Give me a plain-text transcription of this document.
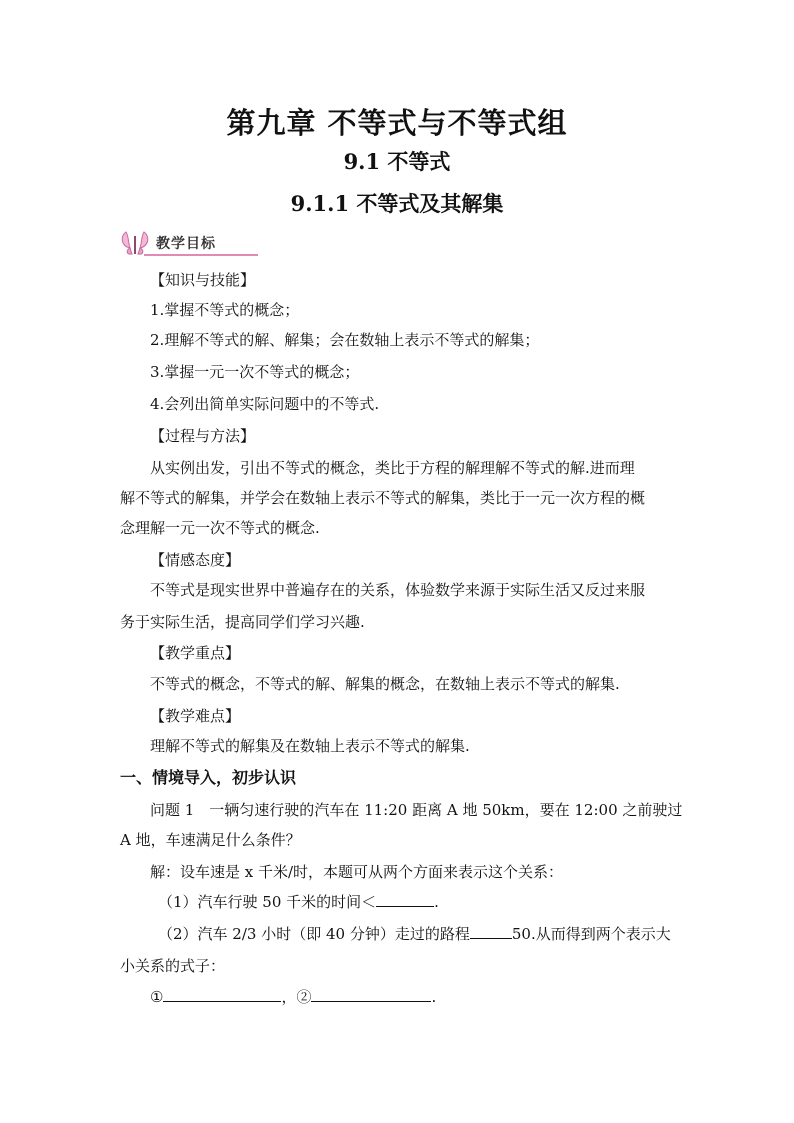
第九章 不等式与不等式组
9.1 不等式
9.1.1 不等式及其解集
教学目标
【知识与技能】
1.掌握不等式的概念；
2.理解不等式的解、解集；会在数轴上表示不等式的解集；
3.掌握一元一次不等式的概念；
4.会列出简单实际问题中的不等式.
【过程与方法】
从实例出发，引出不等式的概念，类比于方程的解理解不等式的解.进而理
解不等式的解集，并学会在数轴上表示不等式的解集，类比于一元一次方程的概
念理解一元一次不等式的概念.
【情感态度】
不等式是现实世界中普遍存在的关系，体验数学来源于实际生活又反过来服
务于实际生活，提高同学们学习兴趣.
【教学重点】
不等式的概念，不等式的解、解集的概念，在数轴上表示不等式的解集.
【教学难点】
理解不等式的解集及在数轴上表示不等式的解集.
一、情境导入，初步认识
问题 1　一辆匀速行驶的汽车在 11:20 距离 A 地 50km，要在 12:00 之前驶过
A 地，车速满足什么条件？
解：设车速是 x 千米/时，本题可从两个方面来表示这个关系：
（1）汽车行驶 50 千米的时间＜	.
（2）汽车 2/3 小时（即 40 分钟）走过的路程	50.从而得到两个表示大
小关系的式子：
①	，②	.
